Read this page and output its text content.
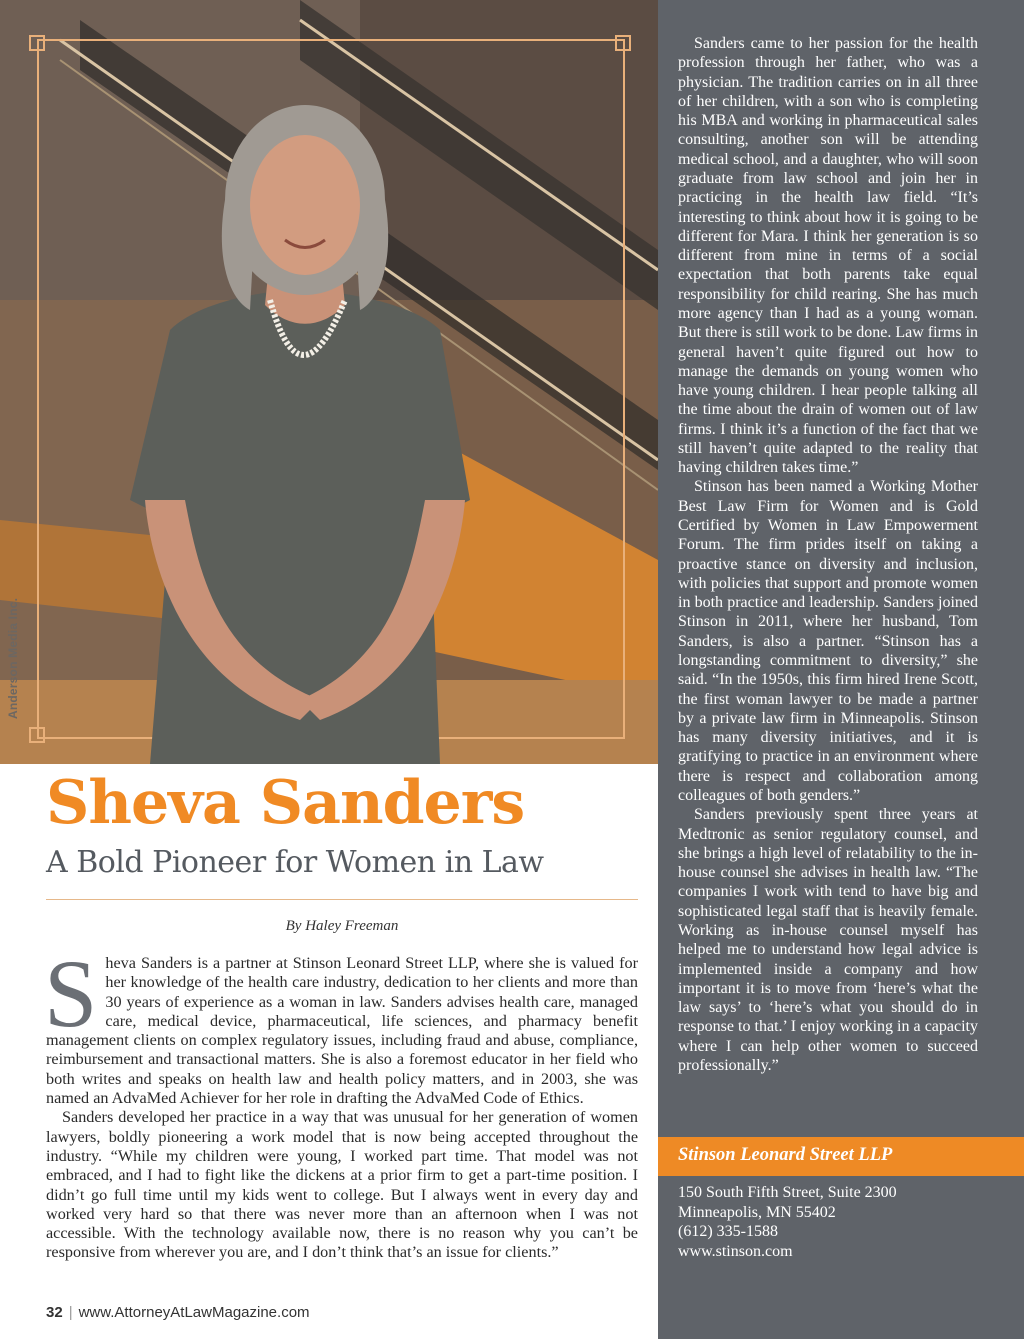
Anderson Media Inc.
Sheva Sanders
A Bold Pioneer for Women in Law
By Haley Freeman

Sheva Sanders is a partner at Stinson Leonard Street LLP, where she is valued for her knowledge of the health care industry, dedication to her clients and more than 30 years of experience as a woman in law. Sanders advises health care, managed care, medical device, pharmaceutical, life sciences, and pharmacy benefit management clients on complex regulatory issues, including fraud and abuse, compliance, reimbursement and transactional matters. She is also a foremost educator in her field who both writes and speaks on health law and health policy matters, and in 2003, she was named an AdvaMed Achiever for her role in drafting the AdvaMed Code of Ethics.

Sanders developed her practice in a way that was unusual for her generation of women lawyers, boldly pioneering a work model that is now being accepted throughout the industry. “While my children were young, I worked part time. That model was not embraced, and I had to fight like the dickens at a prior firm to get a part-time position. I didn’t go full time until my kids went to college. But I always went in every day and worked very hard so that there was never more than an afternoon when I was not accessible. With the technology available now, there is no reason why you can’t be responsive from wherever you are, and I don’t think that’s an issue for clients.”

32 | www.AttorneyAtLawMagazine.com

Sanders came to her passion for the health profession through her father, who was a physician. The tradition carries on in all three of her children, with a son who is completing his MBA and working in pharmaceutical sales consulting, another son will be attending medical school, and a daughter, who will soon graduate from law school and join her in practicing in the health law field. “It’s interesting to think about how it is going to be different for Mara. I think her generation is so different from mine in terms of a social expectation that both parents take equal responsibility for child rearing. She has much more agency than I had as a young woman. But there is still work to be done. Law firms in general haven’t quite figured out how to manage the demands on young women who have young children. I hear people talking all the time about the drain of women out of law firms. I think it’s a function of the fact that we still haven’t quite adapted to the reality that having children takes time.”

Stinson has been named a Working Mother Best Law Firm for Women and is Gold Certified by Women in Law Empowerment Forum. The firm prides itself on taking a proactive stance on diversity and inclusion, with policies that support and promote women in both practice and leadership. Sanders joined Stinson in 2011, where her husband, Tom Sanders, is also a partner. “Stinson has a longstanding commitment to diversity,” she said. “In the 1950s, this firm hired Irene Scott, the first woman lawyer to be made a partner by a private law firm in Minneapolis. Stinson has many diversity initiatives, and it is gratifying to practice in an environment where there is respect and collaboration among colleagues of both genders.”

Sanders previously spent three years at Medtronic as senior regulatory counsel, and she brings a high level of relatability to the in-house counsel she advises in health law. “The companies I work with tend to have big and sophisticated legal staff that is heavily female. Working as in-house counsel myself has helped me to understand how legal advice is implemented inside a company and how important it is to move from ‘here’s what the law says’ to ‘here’s what you should do in response to that.’ I enjoy working in a capacity where I can help other women to succeed professionally.”

Stinson Leonard Street LLP
150 South Fifth Street, Suite 2300
Minneapolis, MN 55402
(612) 335-1588
www.stinson.com
